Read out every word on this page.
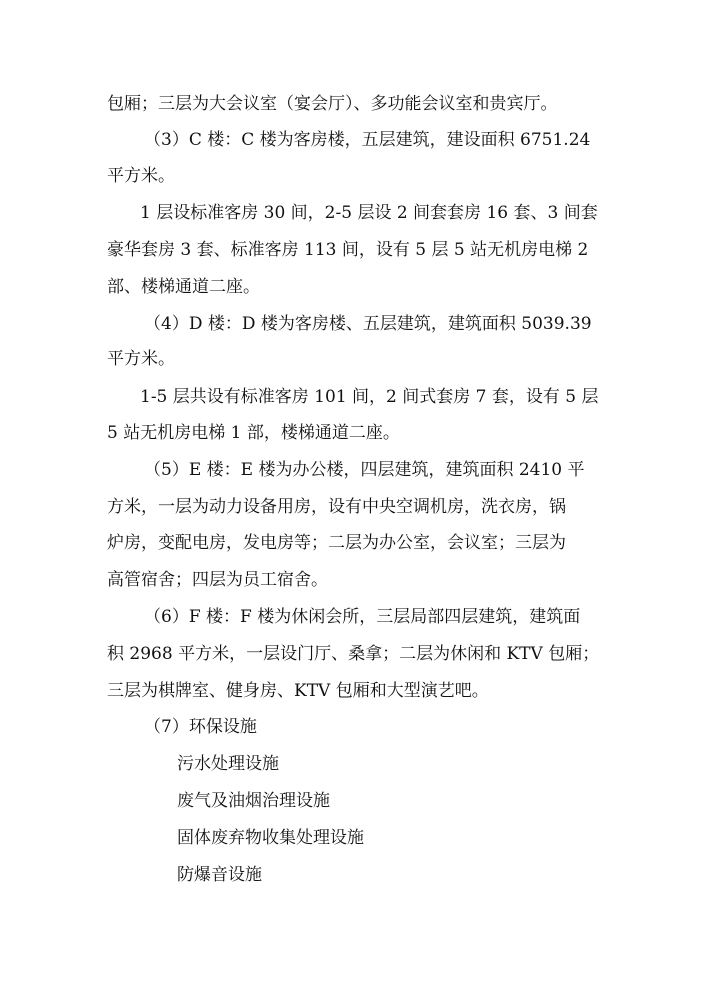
包厢；三层为大会议室（宴会厅）、多功能会议室和贵宾厅。
（3）C 楼：C 楼为客房楼，五层建筑，建设面积 6751.24
平方米。
1 层设标准客房 30 间，2-5 层设 2 间套套房 16 套、3 间套
豪华套房 3 套、标准客房 113 间，设有 5 层 5 站无机房电梯 2
部、楼梯通道二座。
（4）D 楼：D 楼为客房楼、五层建筑，建筑面积 5039.39
平方米。
1-5 层共设有标准客房 101 间，2 间式套房 7 套，设有 5 层
5 站无机房电梯 1 部，楼梯通道二座。
（5）E 楼：E 楼为办公楼，四层建筑，建筑面积 2410 平
方米，一层为动力设备用房，设有中央空调机房，洗衣房，锅
炉房，变配电房，发电房等；二层为办公室，会议室；三层为
高管宿舍；四层为员工宿舍。
（6）F 楼：F 楼为休闲会所，三层局部四层建筑，建筑面
积 2968 平方米，一层设门厅、桑拿；二层为休闲和 KTV 包厢；
三层为棋牌室、健身房、KTV 包厢和大型演艺吧。
（7）环保设施
污水处理设施
废气及油烟治理设施
固体废弃物收集处理设施
防爆音设施
